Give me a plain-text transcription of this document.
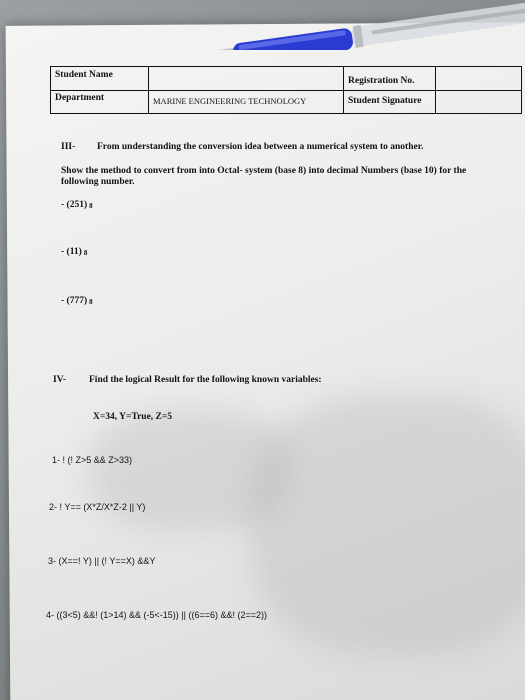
Student Name
Registration No.
Department	MARINE ENGINEERING TECHNOLOGY	Student Signature
III- From understanding the conversion idea between a numerical system to another.
Show the method to convert from into Octal- system (base 8) into decimal Numbers (base 10) for the
following number.
- (251) 8
- (11) 8
- (777) 8
IV- Find the logical Result for the following known variables:
X=34, Y=True, Z=5
1- ! (! Z>5 && Z>33)
2- ! Y== (X*Z/X*Z-2 || Y)
3- (X==! Y) || (! Y==X) &&Y
4- ((3<5) &&! (1>14) && (-5<-15)) || ((6==6) &&! (2==2))
